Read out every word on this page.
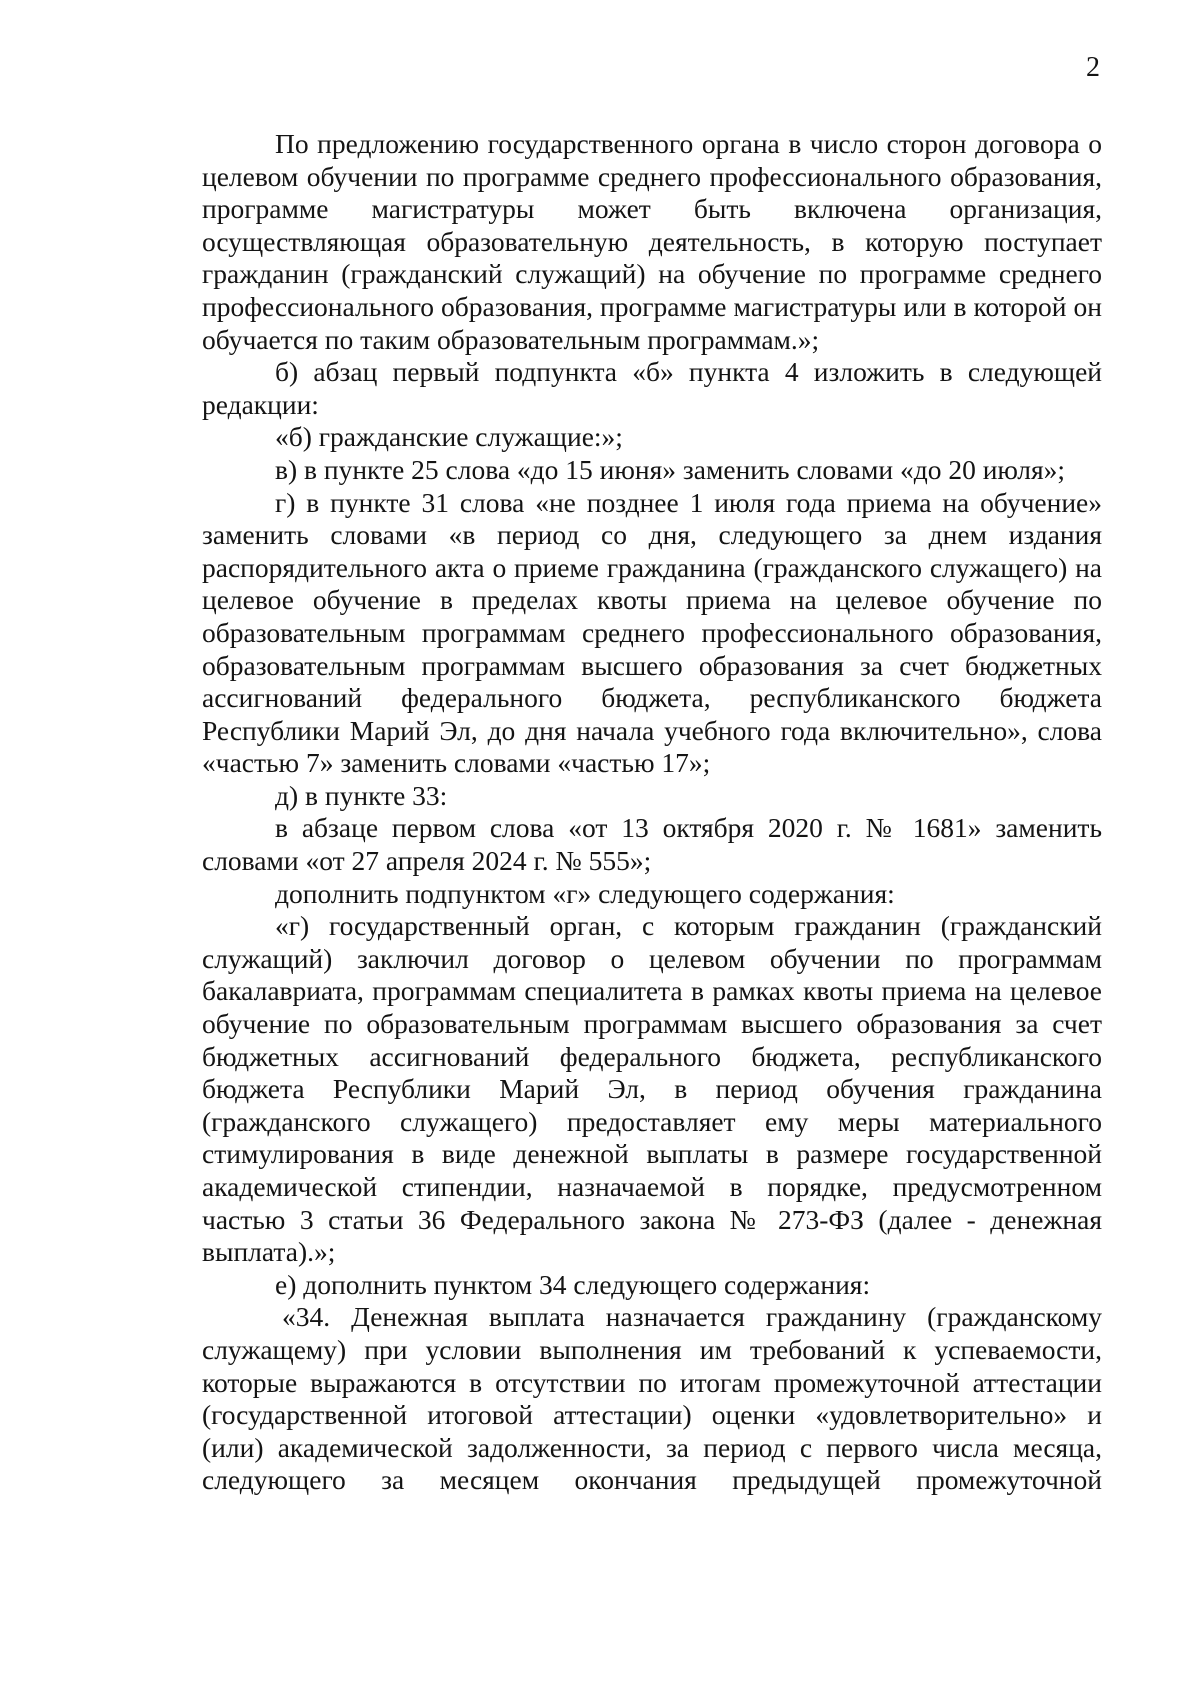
2

По предложению государственного органа в число сторон договора о целевом обучении по программе среднего профессионального образования, программе магистратуры может быть включена организация, осуществляющая образовательную деятельность, в которую поступает гражданин (гражданский служащий) на обучение по программе среднего профессионального образования, программе магистратуры или в которой он обучается по таким образовательным программам.»;

б) абзац первый подпункта «б» пункта 4 изложить в следующей редакции:

«б) гражданские служащие:»;

в) в пункте 25 слова «до 15 июня» заменить словами «до 20 июля»;

г) в пункте 31 слова «не позднее 1 июля года приема на обучение» заменить словами «в период со дня, следующего за днем издания распорядительного акта о приеме гражданина (гражданского служащего) на целевое обучение в пределах квоты приема на целевое обучение по образовательным программам среднего профессионального образования, образовательным программам высшего образования за счет бюджетных ассигнований федерального бюджета, республиканского бюджета Республики Марий Эл, до дня начала учебного года включительно», слова «частью 7» заменить словами «частью 17»;

д) в пункте 33:

в абзаце первом слова «от 13 октября 2020 г. № 1681» заменить словами «от 27 апреля 2024 г. № 555»;

дополнить подпунктом «г» следующего содержания:

«г) государственный орган, с которым гражданин (гражданский служащий) заключил договор о целевом обучении по программам бакалавриата, программам специалитета в рамках квоты приема на целевое обучение по образовательным программам высшего образования за счет бюджетных ассигнований федерального бюджета, республиканского бюджета Республики Марий Эл, в период обучения гражданина (гражданского служащего) предоставляет ему меры материального стимулирования в виде денежной выплаты в размере государственной академической стипендии, назначаемой в порядке, предусмотренном частью 3 статьи 36 Федерального закона № 273-ФЗ (далее - денежная выплата).»;

е) дополнить пунктом 34 следующего содержания:

«34. Денежная выплата назначается гражданину (гражданскому служащему) при условии выполнения им требований к успеваемости, которые выражаются в отсутствии по итогам промежуточной аттестации (государственной итоговой аттестации) оценки «удовлетворительно» и (или) академической задолженности, за период с первого числа месяца, следующего за месяцем окончания предыдущей промежуточной
